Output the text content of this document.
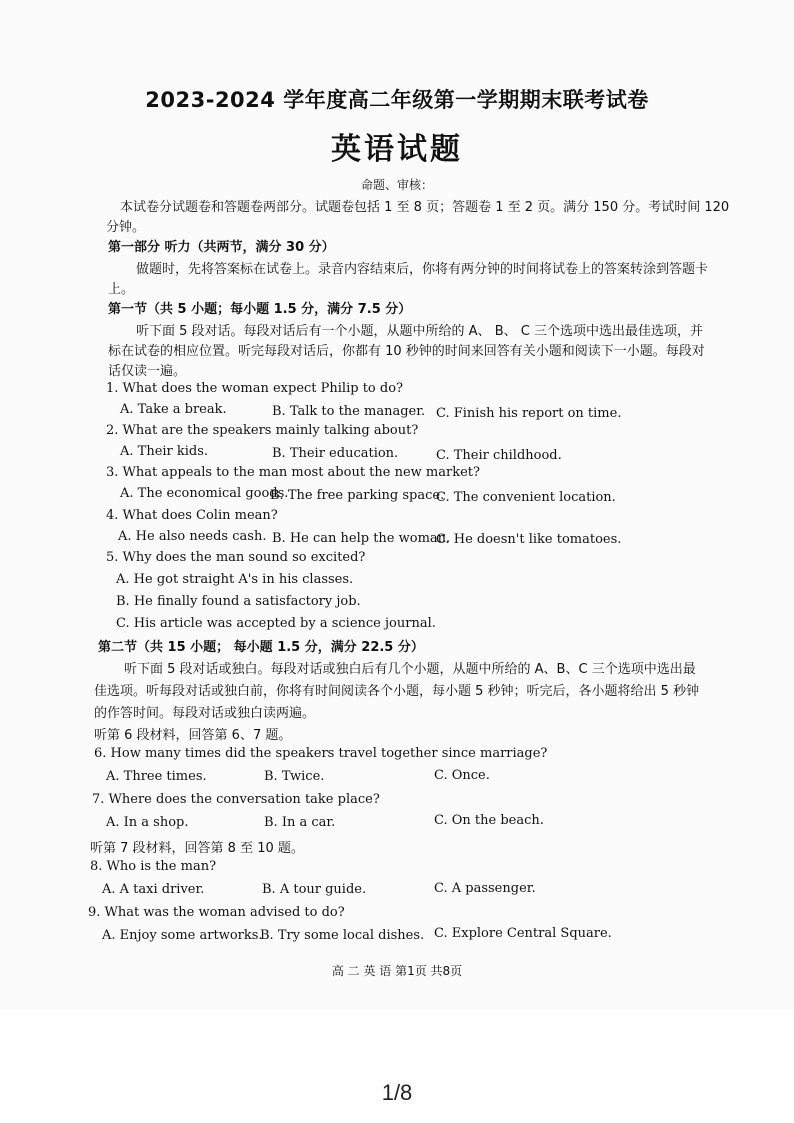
2023-2024 学年度高二年级第一学期期末联考试卷
英语试题
命题、审核：
本试卷分试题卷和答题卷两部分。试题卷包括 1 至 8 页；答题卷 1 至 2 页。满分 150 分。考试时间 120
分钟。
第一部分 听力（共两节，满分 30 分）
做题时，先将答案标在试卷上。录音内容结束后，你将有两分钟的时间将试卷上的答案转涂到答题卡
上。
第一节（共 5 小题；每小题 1.5 分，满分 7.5 分）
听下面 5 段对话。每段对话后有一个小题，从题中所给的 A、 B、 C 三个选项中选出最佳选项，并
标在试卷的相应位置。听完每段对话后，你都有 10 秒钟的时间来回答有关小题和阅读下一小题。每段对
话仅读一遍。
1. What does the woman expect Philip to do?
A. Take a break.	B. Talk to the manager. C. Finish his report on time.
2. What are the speakers mainly talking about?
A. Their kids.	B. Their education.	C. Their childhood.
3. What appeals to the man most about the new market?
A. The economical goods.
B. The free parking space.
C. The convenient location.
4. What does Colin mean?
A. He also needs cash. B. He can help the woman.
C. He doesn't like tomatoes.
5. Why does the man sound so excited?
A. He got straight A's in his classes.
B. He finally found a satisfactory job.
C. His article was accepted by a science journal.
第二节（共 15 小题； 每小题 1.5 分，满分 22.5 分）
听下面 5 段对话或独白。每段对话或独白后有几个小题，从题中所给的 A、B、C 三个选项中选出最
佳选项。听每段对话或独白前，你将有时间阅读各个小题，每小题 5 秒钟；听完后，各小题将给出 5 秒钟
的作答时间。每段对话或独白读两遍。
听第 6 段材料，回答第 6、7 题。
6. How many times did the speakers travel together since marriage?
A. Three times.	B. Twice.	C. Once.
7. Where does the conversation take place?
A. In a shop.	B. In a car.	C. On the beach.
听第 7 段材料，回答第 8 至 10 题。
8. Who is the man?
A. A taxi driver.	B. A tour guide.	C. A passenger.
9. What was the woman advised to do?
A. Enjoy some artworks.
B. Try some local dishes. C. Explore Central Square.
高 二 英 语 第1页 共8页
1/8
